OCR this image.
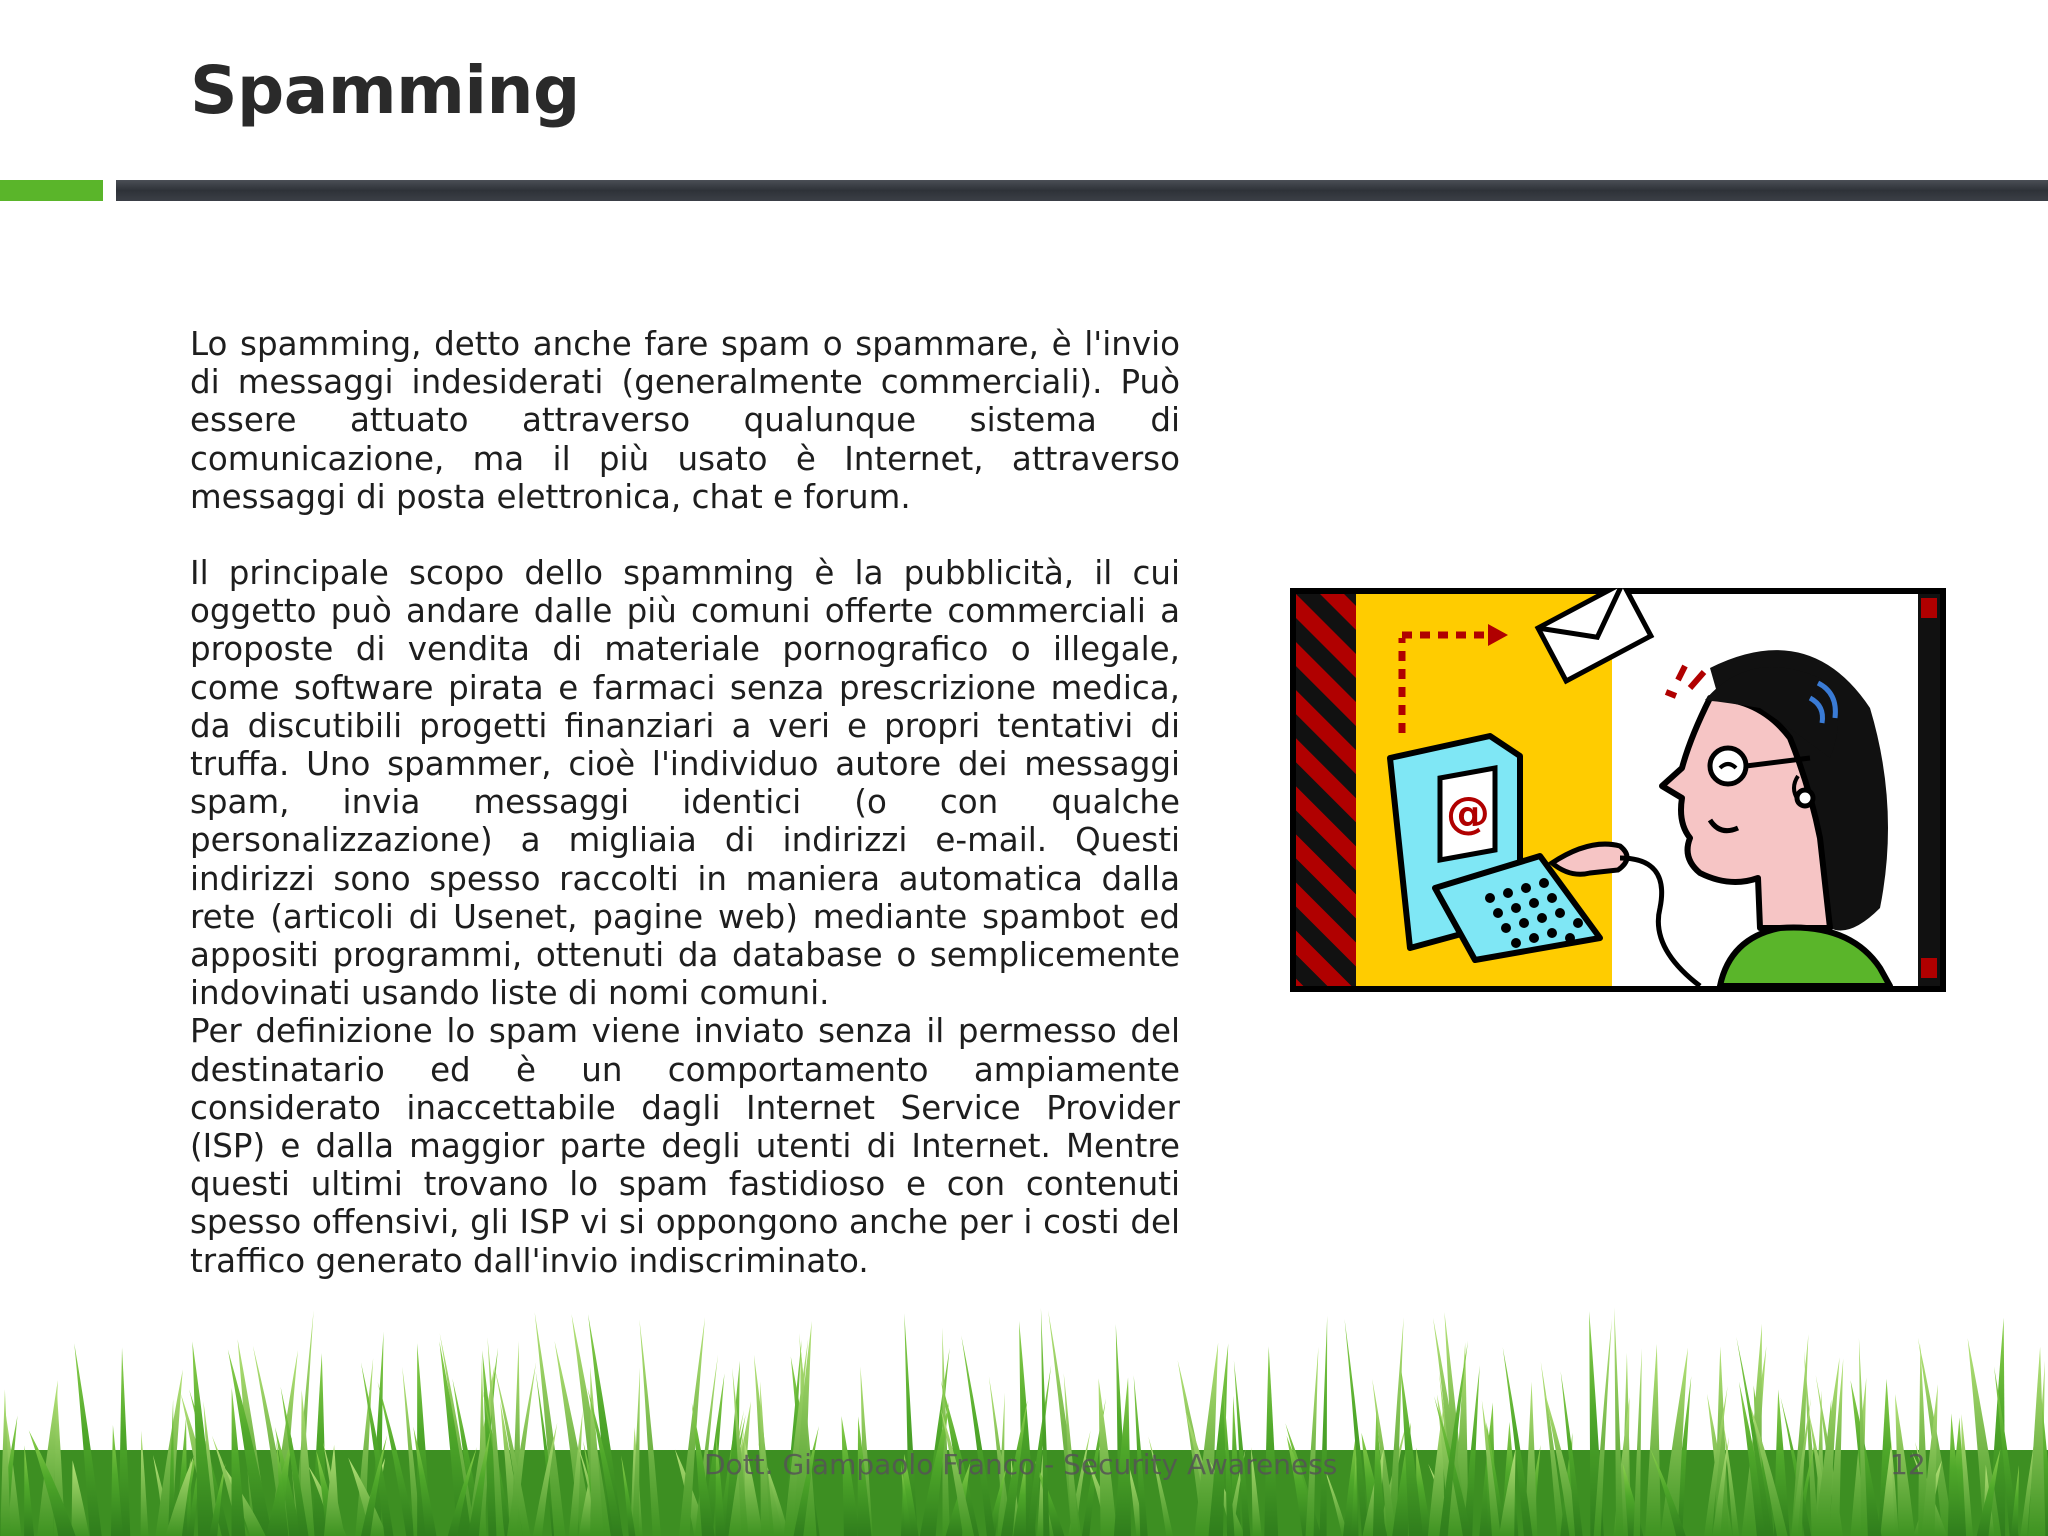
Spamming

Lo spamming, detto anche fare spam o spammare, è l'invio di messaggi indesiderati (generalmente commerciali). Può essere attuato attraverso qualunque sistema di comunicazione, ma il più usato è Internet, attraverso messaggi di posta elettronica, chat e forum.

Il principale scopo dello spamming è la pubblicità, il cui oggetto può andare dalle più comuni offerte commerciali a proposte di vendita di materiale pornografico o illegale, come software pirata e farmaci senza prescrizione medica, da discutibili progetti finanziari a veri e propri tentativi di truffa. Uno spammer, cioè l'individuo autore dei messaggi spam, invia messaggi identici (o con qualche personalizzazione) a migliaia di indirizzi e-mail. Questi indirizzi sono spesso raccolti in maniera automatica dalla rete (articoli di Usenet, pagine web) mediante spambot ed appositi programmi, ottenuti da database o semplicemente indovinati usando liste di nomi comuni.

Per definizione lo spam viene inviato senza il permesso del destinatario ed è un comportamento ampiamente considerato inaccettabile dagli Internet Service Provider (ISP) e dalla maggior parte degli utenti di Internet. Mentre questi ultimi trovano lo spam fastidioso e con contenuti spesso offensivi, gli ISP vi si oppongono anche per i costi del traffico generato dall'invio indiscriminato.

@
Dott. Giampaolo Franco - Security Awareness	12
